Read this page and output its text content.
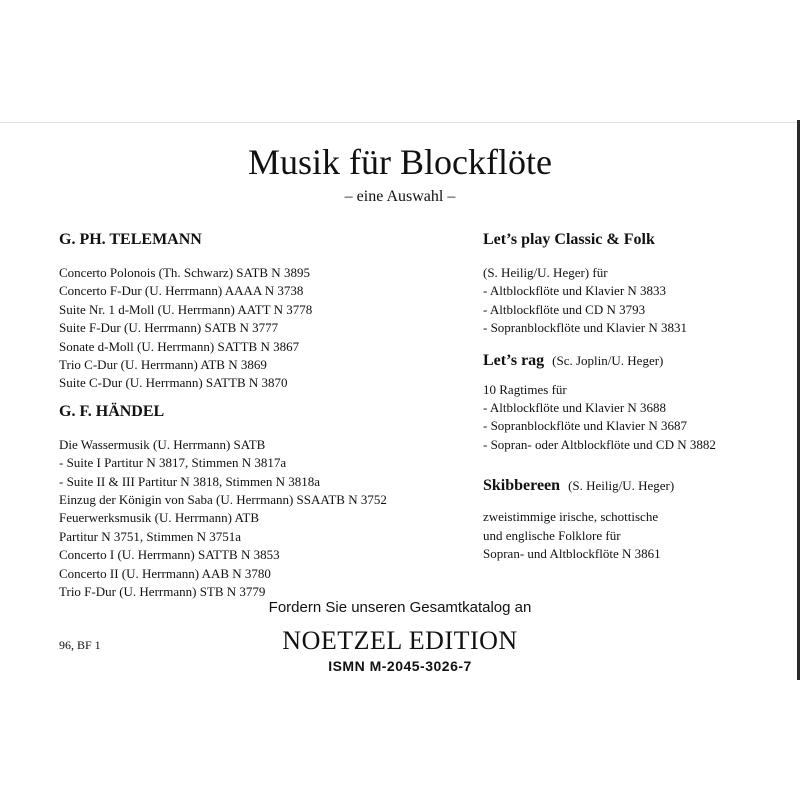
Musik für Blockflöte
– eine Auswahl –

G. PH. TELEMANN

Concerto Polonois (Th. Schwarz) SATB N 3895
Concerto F-Dur (U. Herrmann) AAAA N 3738
Suite Nr. 1 d-Moll (U. Herrmann) AATT N 3778
Suite F-Dur (U. Herrmann) SATB N 3777
Sonate d-Moll (U. Herrmann) SATTB N 3867
Trio C-Dur (U. Herrmann) ATB N 3869
Suite C-Dur (U. Herrmann) SATTB N 3870

G. F. HÄNDEL

Die Wassermusik (U. Herrmann) SATB
- Suite I Partitur N 3817, Stimmen N 3817a
- Suite II & III Partitur N 3818, Stimmen N 3818a
Einzug der Königin von Saba (U. Herrmann) SSAATB N 3752
Feuerwerksmusik (U. Herrmann) ATB
Partitur N 3751, Stimmen N 3751a
Concerto I (U. Herrmann) SATTB N 3853
Concerto II (U. Herrmann) AAB N 3780
Trio F-Dur (U. Herrmann) STB N 3779

Let’s play Classic & Folk

(S. Heilig/U. Heger) für
- Altblockflöte und Klavier N 3833
- Altblockflöte und CD N 3793
- Sopranblockflöte und Klavier N 3831

Let’s rag (Sc. Joplin/U. Heger)

10 Ragtimes für
- Altblockflöte und Klavier N 3688
- Sopranblockflöte und Klavier N 3687
- Sopran- oder Altblockflöte und CD N 3882

Skibbereen (S. Heilig/U. Heger)

zweistimmige irische, schottische
und englische Folklore für
Sopran- und Altblockflöte N 3861
Fordern Sie unseren Gesamtkatalog an
96, BF 1	NOETZEL EDITION
ISMN M-2045-3026-7
